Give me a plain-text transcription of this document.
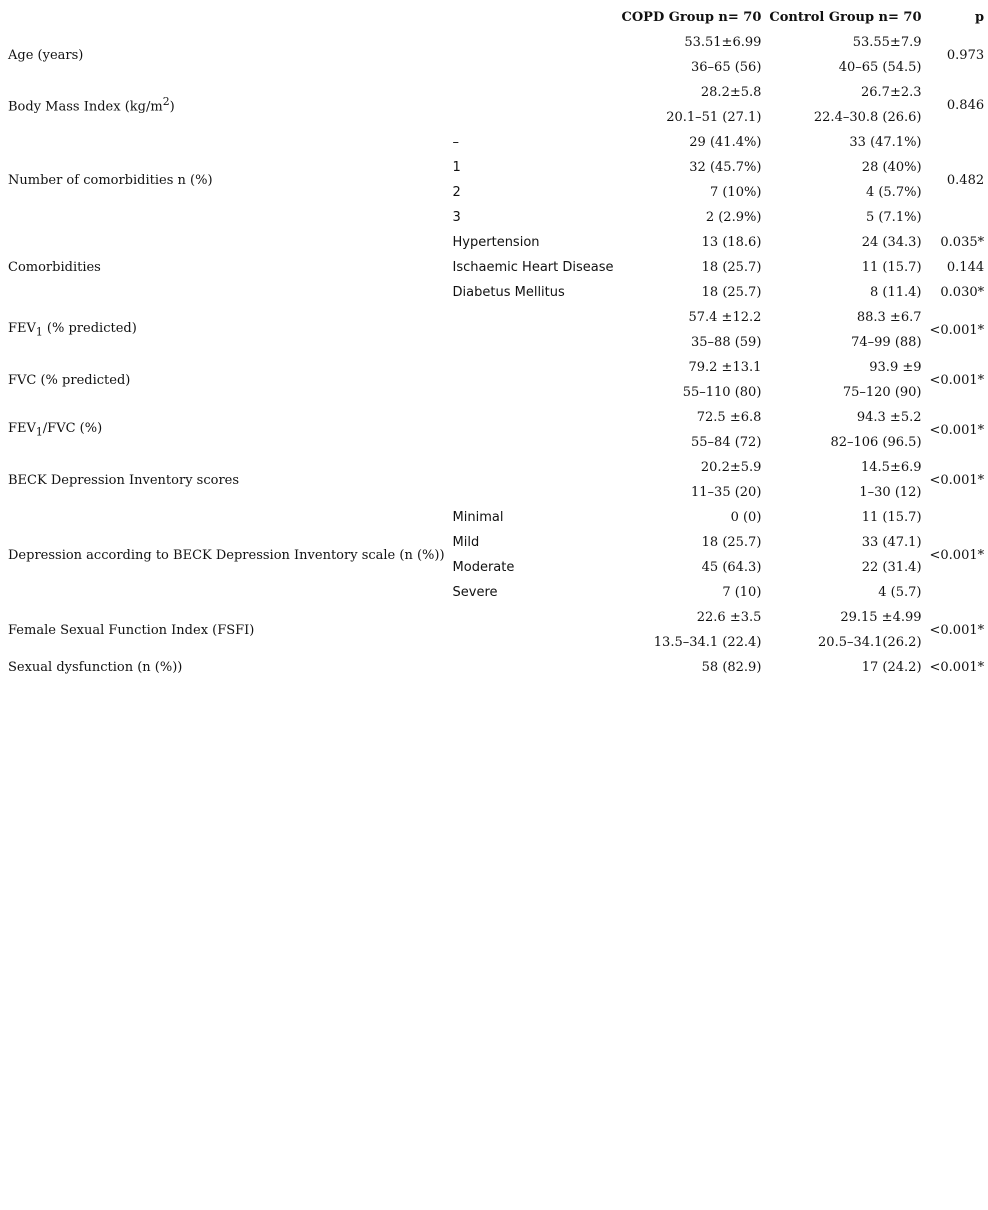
		COPD Group n= 70	Control Group n= 70	p
Age (years)		53.51±6.99	53.55±7.9	0.973
		36–65 (56)	40–65 (54.5)	
Body Mass Index $(kg/m^2)$		28.2±5.8	26.7±2.3	0.846
		20.1–51 (27.1)	22.4–30.8 (26.6)	
Number of comorbidities n (%)	–	29 (41.4%)	33 (47.1%)	0.482
	1	32 (45.7%)	28 (40%)	
	2	7 (10%)	4 (5.7%)	
	3	2 (2.9%)	5 (7.1%)	
Comorbidities	Hypertension	13 (18.6)	24 (34.3)	0.035*
	Ischaemic Heart Disease	18 (25.7)	11 (15.7)	0.144
	Diabetus Mellitus	18 (25.7)	8 (11.4)	0.030*
$FEV_1$ (% predicted)		57.4 ±12.2	88.3 ±6.7	<0.001*
		35–88 (59)	74–99 (88)	
FVC (% predicted)		79.2 ±13.1	93.9 ±9	<0.001*
		55–110 (80)	75–120 (90)	
$FEV_1$/FVC (%)		72.5 ±6.8	94.3 ±5.2	<0.001*
		55–84 (72)	82–106 (96.5)	
BECK Depression Inventory scores		20.2±5.9	14.5±6.9	<0.001*
		11–35 (20)	1–30 (12)	
Depression according to BECK Depression Inventory scale (n (%))	Minimal	0 (0)	11 (15.7)	<0.001*
	Mild	18 (25.7)	33 (47.1)	
	Moderate	45 (64.3)	22 (31.4)	
	Severe	7 (10)	4 (5.7)	
Female Sexual Function Index (FSFI)		22.6 ±3.5	29.15 ±4.99	<0.001*
		13.5–34.1 (22.4)	20.5–34.1(26.2)	
Sexual dysfunction (n (%))		58 (82.9)	17 (24.2)	<0.001*
